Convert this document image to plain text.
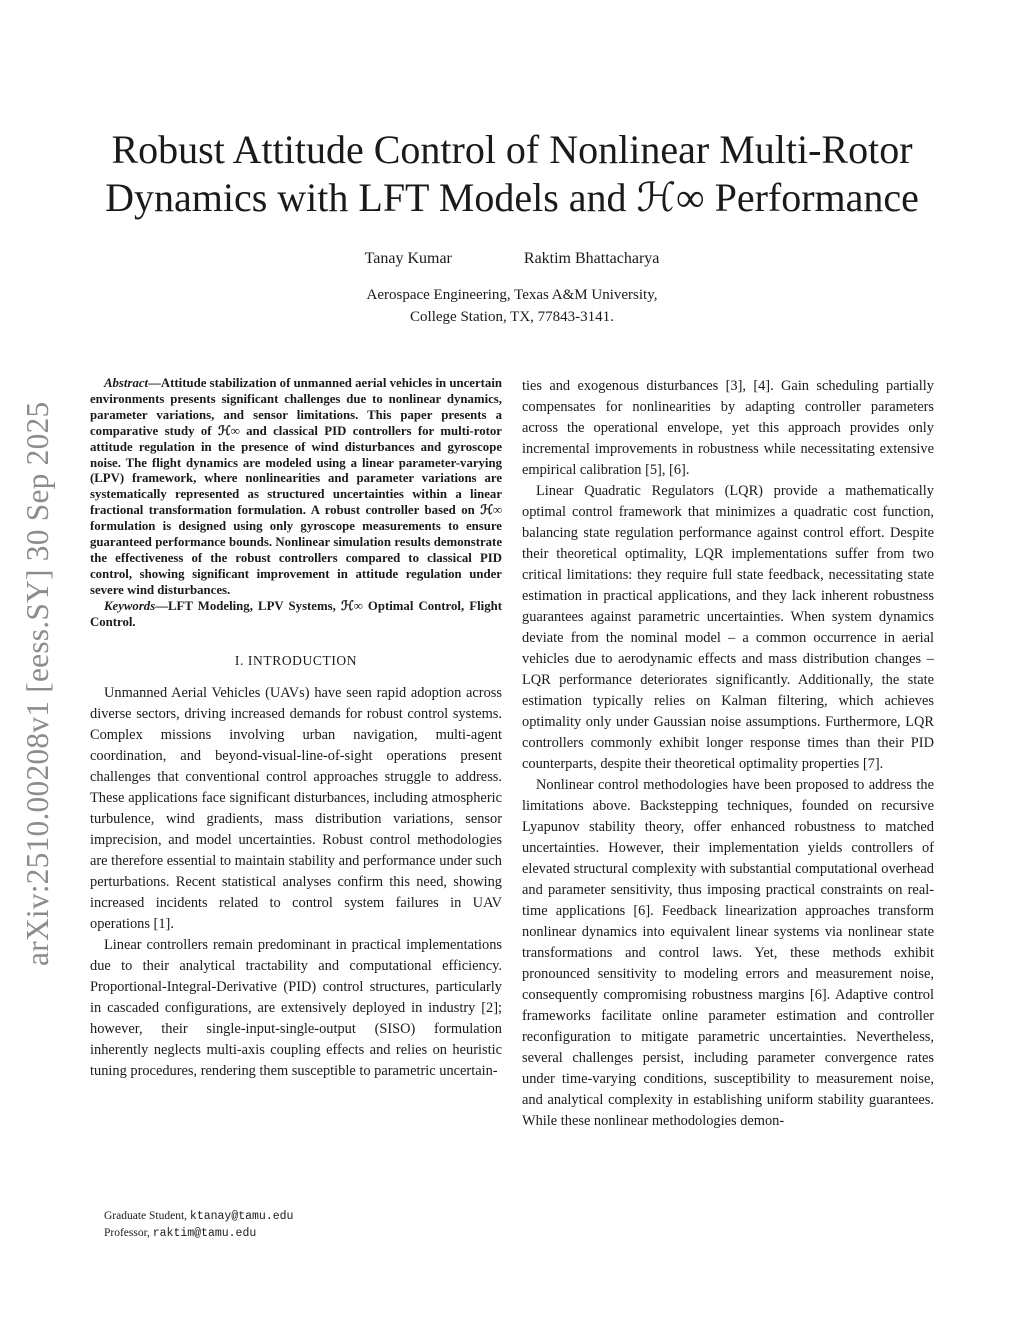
arXiv:2510.00208v1 [eess.SY] 30 Sep 2025
Robust Attitude Control of Nonlinear Multi-Rotor
Dynamics with LFT Models and ℋ∞ Performance
Tanay Kumar	Raktim Bhattacharya
Aerospace Engineering, Texas A&M University,
College Station, TX, 77843-3141.

Abstract—Attitude stabilization of unmanned aerial vehicles in uncertain environments presents significant challenges due to nonlinear dynamics, parameter variations, and sensor limitations. This paper presents a comparative study of ℋ∞ and classical PID controllers for multi-rotor attitude regulation in the presence of wind disturbances and gyroscope noise. The flight dynamics are modeled using a linear parameter-varying (LPV) framework, where nonlinearities and parameter variations are systematically represented as structured uncertainties within a linear fractional transformation formulation. A robust controller based on ℋ∞ formulation is designed using only gyroscope measurements to ensure guaranteed performance bounds. Nonlinear simulation results demonstrate the effectiveness of the robust controllers compared to classical PID control, showing significant improvement in attitude regulation under severe wind disturbances.

Keywords—LFT Modeling, LPV Systems, ℋ∞ Optimal Control, Flight Control.

I. INTRODUCTION

Unmanned Aerial Vehicles (UAVs) have seen rapid adoption across diverse sectors, driving increased demands for robust control systems. Complex missions involving urban navigation, multi-agent coordination, and beyond-visual-line-of-sight operations present challenges that conventional control approaches struggle to address. These applications face significant disturbances, including atmospheric turbulence, wind gradients, mass distribution variations, sensor imprecision, and model uncertainties. Robust control methodologies are therefore essential to maintain stability and performance under such perturbations. Recent statistical analyses confirm this need, showing increased incidents related to control system failures in UAV operations [1].

Linear controllers remain predominant in practical implementations due to their analytical tractability and computational efficiency. Proportional-Integral-Derivative (PID) control structures, particularly in cascaded configurations, are extensively deployed in industry [2]; however, their single-input-single-output (SISO) formulation inherently neglects multi-axis coupling effects and relies on heuristic tuning procedures, rendering them susceptible to parametric uncertain-

ties and exogenous disturbances [3], [4]. Gain scheduling partially compensates for nonlinearities by adapting controller parameters across the operational envelope, yet this approach provides only incremental improvements in robustness while necessitating extensive empirical calibration [5], [6].

Linear Quadratic Regulators (LQR) provide a mathematically optimal control framework that minimizes a quadratic cost function, balancing state regulation performance against control effort. Despite their theoretical optimality, LQR implementations suffer from two critical limitations: they require full state feedback, necessitating state estimation in practical applications, and they lack inherent robustness guarantees against parametric uncertainties. When system dynamics deviate from the nominal model – a common occurrence in aerial vehicles due to aerodynamic effects and mass distribution changes – LQR performance deteriorates significantly. Additionally, the state estimation typically relies on Kalman filtering, which achieves optimality only under Gaussian noise assumptions. Furthermore, LQR controllers commonly exhibit longer response times than their PID counterparts, despite their theoretical optimality properties [7].

Nonlinear control methodologies have been proposed to address the limitations above. Backstepping techniques, founded on recursive Lyapunov stability theory, offer enhanced robustness to matched uncertainties. However, their implementation yields controllers of elevated structural complexity with substantial computational overhead and parameter sensitivity, thus imposing practical constraints on real-time applications [6]. Feedback linearization approaches transform nonlinear dynamics into equivalent linear systems via nonlinear state transformations and control laws. Yet, these methods exhibit pronounced sensitivity to modeling errors and measurement noise, consequently compromising robustness margins [6]. Adaptive control frameworks facilitate online parameter estimation and controller reconfiguration to mitigate parametric uncertainties. Nevertheless, several challenges persist, including parameter convergence rates under time-varying conditions, susceptibility to measurement noise, and analytical complexity in establishing uniform stability guarantees. While these nonlinear methodologies demon-

Graduate Student, ktanay@tamu.edu
Professor, raktim@tamu.edu
